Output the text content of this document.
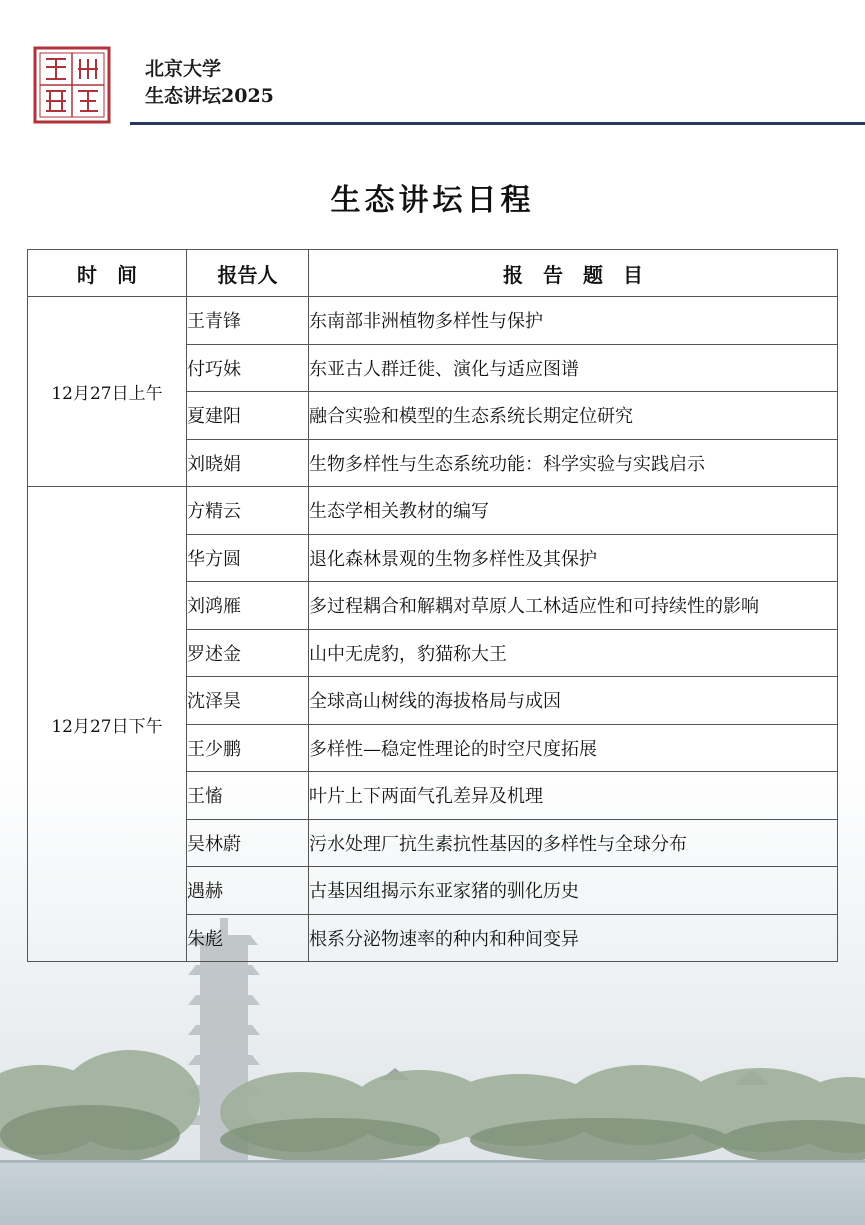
北京大学
生态讲坛2025
生态讲坛日程
时　间	报告人	报　告　题　目
12月27日上午	王青锋	东南部非洲植物多样性与保护
	付巧妹	东亚古人群迁徙、演化与适应图谱
	夏建阳	融合实验和模型的生态系统长期定位研究
	刘晓娟	生物多样性与生态系统功能：科学实验与实践启示
12月27日下午	方精云	生态学相关教材的编写
	华方圆	退化森林景观的生物多样性及其保护
	刘鸿雁	多过程耦合和解耦对草原人工林适应性和可持续性的影响
	罗述金	山中无虎豹，豹猫称大王
	沈泽昊	全球高山树线的海拔格局与成因
	王少鹏	多样性—稳定性理论的时空尺度拓展
	王慉	叶片上下两面气孔差异及机理
	吴林蔚	污水处理厂抗生素抗性基因的多样性与全球分布
	遇赫	古基因组揭示东亚家猪的驯化历史
	朱彪	根系分泌物速率的种内和种间变异
